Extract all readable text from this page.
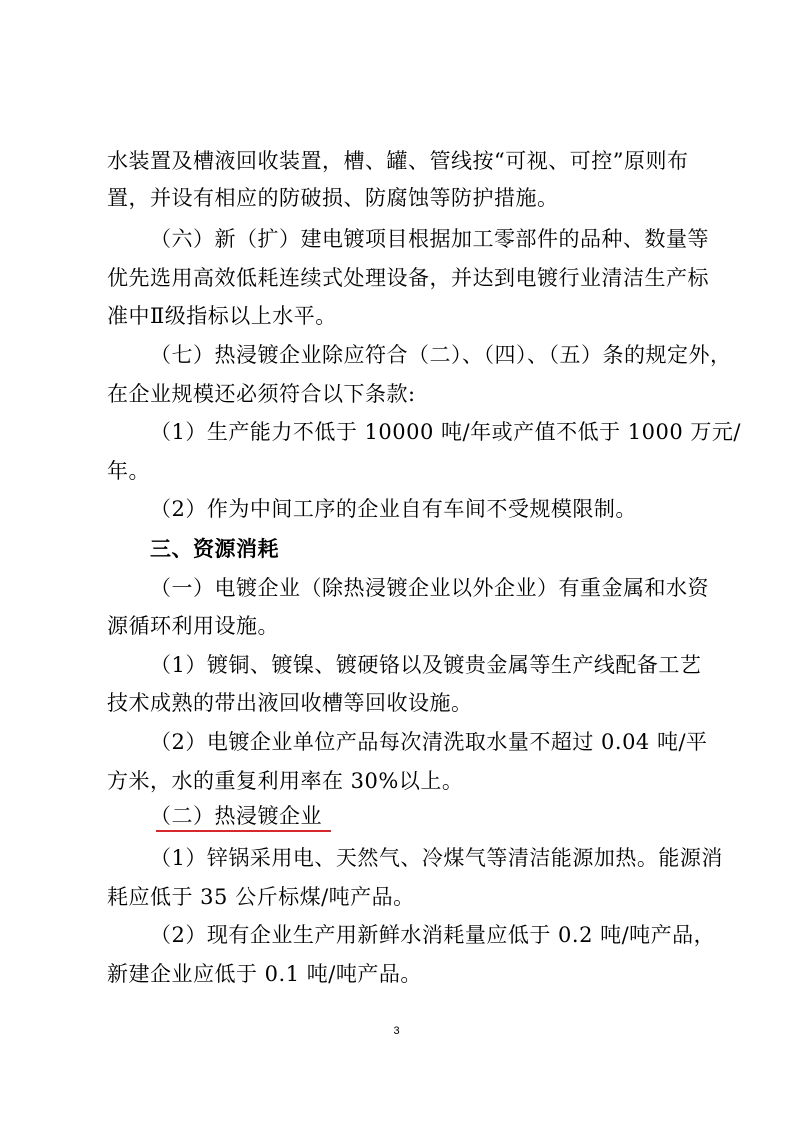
水装置及槽液回收装置，槽、罐、管线按“可视、可控”原则布
置，并设有相应的防破损、防腐蚀等防护措施。
（六）新（扩）建电镀项目根据加工零部件的品种、数量等
优先选用高效低耗连续式处理设备，并达到电镀行业清洁生产标
准中Ⅱ级指标以上水平。
（七）热浸镀企业除应符合（二）、（四）、（五）条的规定外，
在企业规模还必须符合以下条款:
（1）生产能力不低于 10000 吨/年或产值不低于 1000 万元/
年。
（2）作为中间工序的企业自有车间不受规模限制。
三、资源消耗
（一）电镀企业（除热浸镀企业以外企业）有重金属和水资
源循环利用设施。
（1）镀铜、镀镍、镀硬铬以及镀贵金属等生产线配备工艺
技术成熟的带出液回收槽等回收设施。
（2）电镀企业单位产品每次清洗取水量不超过 0.04 吨/平
方米，水的重复利用率在 30%以上。
（二）热浸镀企业
（1）锌锅采用电、天然气、冷煤气等清洁能源加热。能源消
耗应低于 35 公斤标煤/吨产品。
（2）现有企业生产用新鲜水消耗量应低于 0.2 吨/吨产品，
新建企业应低于 0.1 吨/吨产品。
3
